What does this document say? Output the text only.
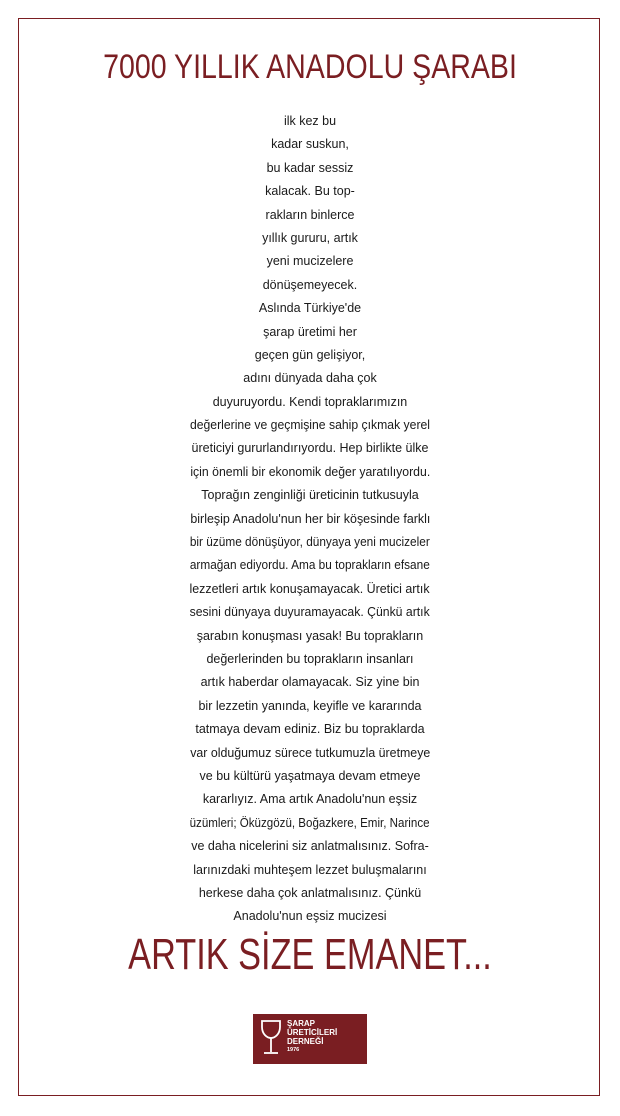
7000 YILLIK ANADOLU ŞARABI
ilk kez bu
kadar suskun,
bu kadar sessiz
kalacak. Bu top-
rakların binlerce
yıllık gururu, artık
yeni mucizelere
dönüşemeyecek.
Aslında Türkiye'de
şarap üretimi her
geçen gün gelişiyor,
adını dünyada daha çok
duyuruyordu. Kendi topraklarımızın
değerlerine ve geçmişine sahip çıkmak yerel
üreticiyi gururlandırıyordu. Hep birlikte ülke
için önemli bir ekonomik değer yaratılıyordu.
Toprağın zenginliği üreticinin tutkusuyla
birleşip Anadolu'nun her bir köşesinde farklı
bir üzüme dönüşüyor, dünyaya yeni mucizeler
armağan ediyordu. Ama bu toprakların efsane
lezzetleri artık konuşamayacak. Üretici artık
sesini dünyaya duyuramayacak. Çünkü artık
şarabın konuşması yasak! Bu toprakların
değerlerinden bu toprakların insanları
artık haberdar olamayacak. Siz yine bin
bir lezzetin yanında, keyifle ve kararında
tatmaya devam ediniz. Biz bu topraklarda
var olduğumuz sürece tutkumuzla üretmeye
ve bu kültürü yaşatmaya devam etmeye
kararlıyız. Ama artık Anadolu'nun eşsiz
üzümleri; Öküzgözü, Boğazkere, Emir, Narince
ve daha nicelerini siz anlatmalısınız. Sofra-
larınızdaki muhteşem lezzet buluşmalarını
herkese daha çok anlatmalısınız. Çünkü
Anadolu'nun eşsiz mucizesi
ARTIK SİZE EMANET...
ŞARAP
ÜRETİCİLERİ
DERNEĞİ
1976
